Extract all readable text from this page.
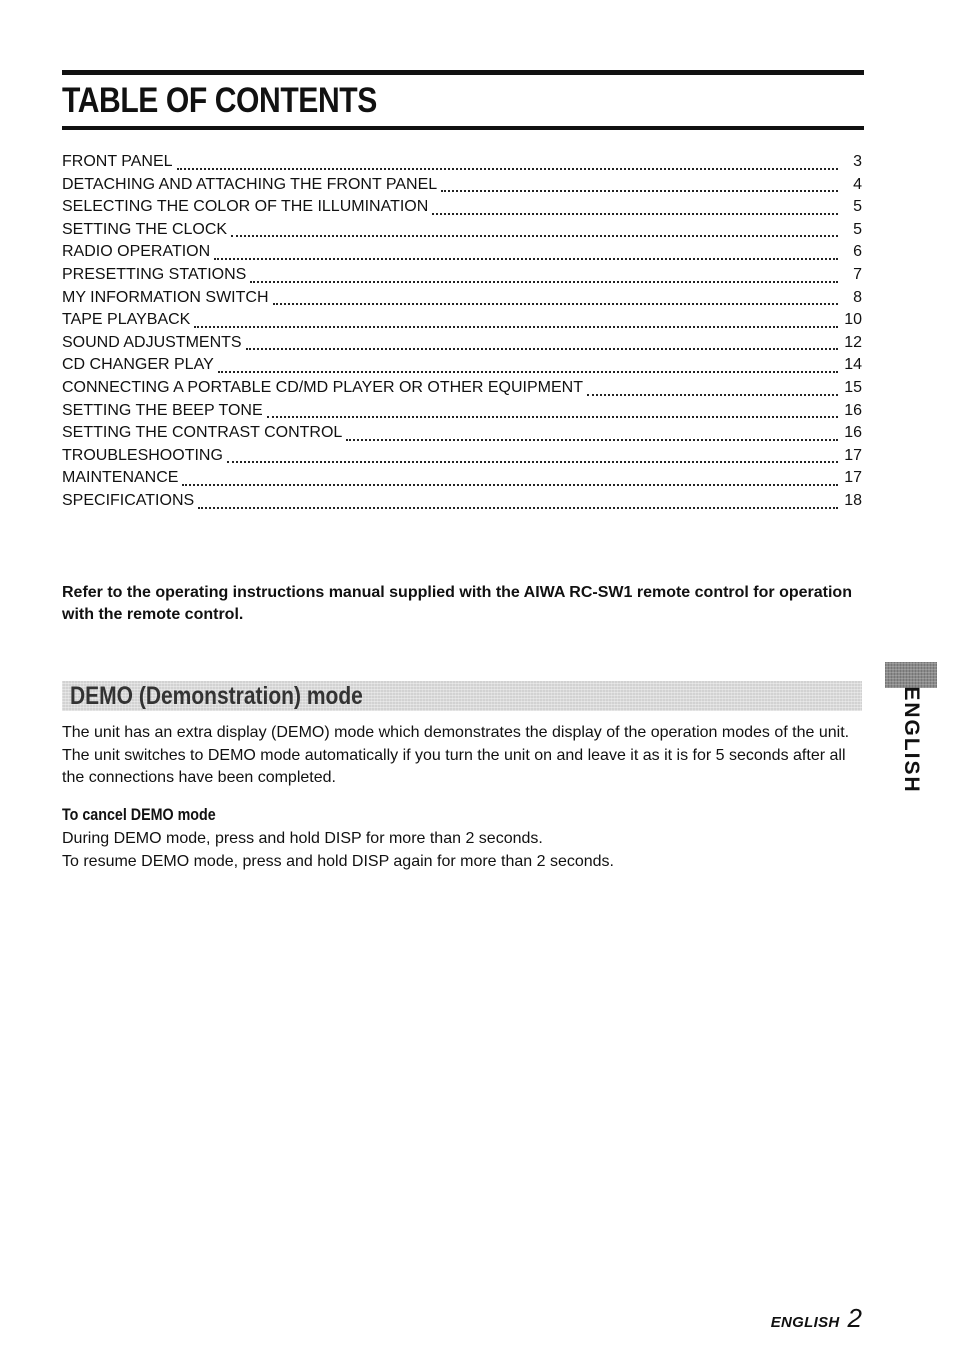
TABLE OF CONTENTS
FRONT PANEL	3
DETACHING AND ATTACHING THE FRONT PANEL	4
SELECTING THE COLOR OF THE ILLUMINATION	5
SETTING THE CLOCK	5
RADIO OPERATION	6
PRESETTING STATIONS	7
MY INFORMATION SWITCH	8
TAPE PLAYBACK	10
SOUND ADJUSTMENTS	12
CD CHANGER PLAY	14
CONNECTING A PORTABLE CD/MD PLAYER OR OTHER EQUIPMENT	15
SETTING THE BEEP TONE	16
SETTING THE CONTRAST CONTROL	16
TROUBLESHOOTING	17
MAINTENANCE	17
SPECIFICATIONS	18

Refer to the operating instructions manual supplied with the AIWA RC-SW1 remote control for operation with the remote control.

DEMO (Demonstration) mode

The unit has an extra display (DEMO) mode which demonstrates the display of the operation modes of the unit. The unit switches to DEMO mode automatically if you turn the unit on and leave it as it is for 5 seconds after all the connections have been completed.

To cancel DEMO mode
During DEMO mode, press and hold DISP for more than 2 seconds.
To resume DEMO mode, press and hold DISP again for more than 2 seconds.
ENGLISH
ENGLISH 2
